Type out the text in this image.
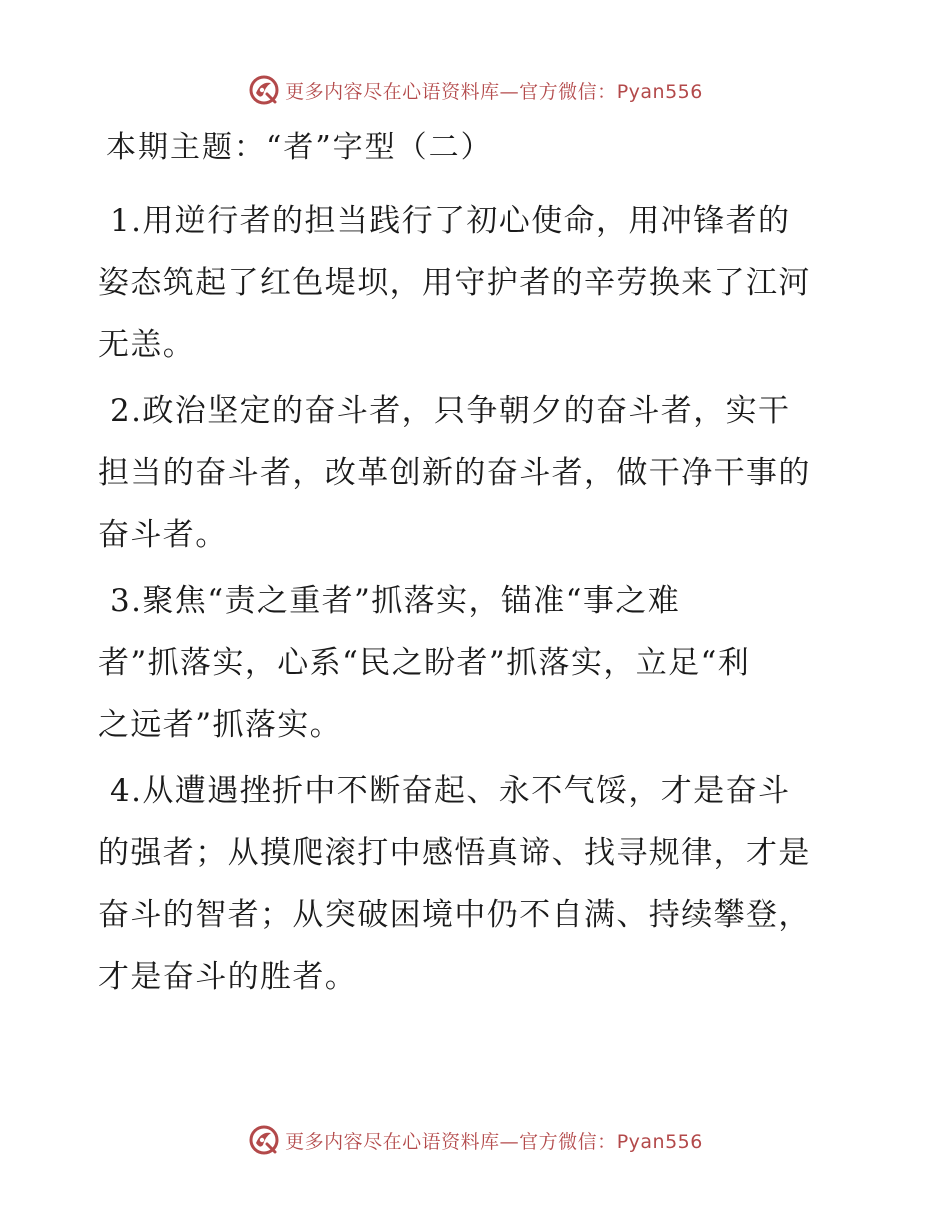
更多内容尽在心语资料库—官方微信：Pyan556
本期主题：“者”字型（二）
1.用逆行者的担当践行了初心使命，用冲锋者的
姿态筑起了红色堤坝，用守护者的辛劳换来了江河
无恙。
2.政治坚定的奋斗者，只争朝夕的奋斗者，实干
担当的奋斗者，改革创新的奋斗者，做干净干事的
奋斗者。
3.聚焦“责之重者”抓落实，锚准“事之难
者”抓落实，心系“民之盼者”抓落实，立足“利
之远者”抓落实。
4.从遭遇挫折中不断奋起、永不气馁，才是奋斗
的强者；从摸爬滚打中感悟真谛、找寻规律，才是
奋斗的智者；从突破困境中仍不自满、持续攀登，
才是奋斗的胜者。
更多内容尽在心语资料库—官方微信：Pyan556
